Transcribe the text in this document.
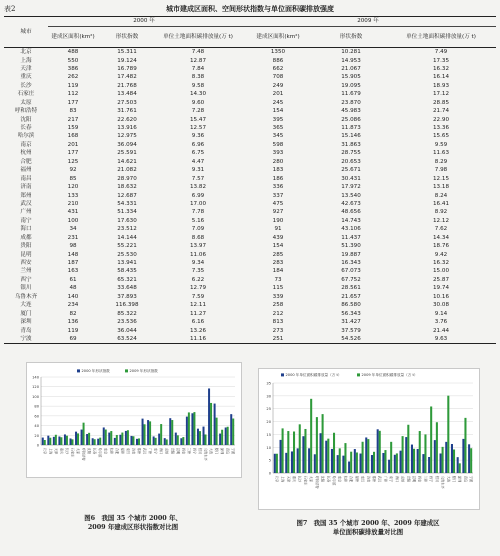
表2	城市建成区面积、空间形状指数与单位面积碳排放强度
城市	2000 年			2009 年		
	建成区面积(km²)	形状指数	单位土地面积碳排放量(万 t)	建成区面积(km²)	形状指数	单位土地面积碳排放量(万 t)
北京	488	15.311	7.48	1350	10.281	7.49
上海	550	19.124	12.87	886	14.953	17.35
天津	386	16.789	7.84	662	21.067	16.32
重庆	262	17.482	8.38	708	15.905	16.14
长沙	119	21.768	9.58	249	19.095	18.93
石家庄	112	13.484	14.30	201	11.679	17.12
太原	177	27.503	9.60	245	23.870	28.85
呼和浩特	83	31.761	7.28	154	45.983	21.74
沈阳	217	22.620	15.47	395	25.086	22.90
长春	159	13.916	12.57	365	11.873	13.36
哈尔滨	168	12.975	9.36	345	15.146	15.65
南京	201	36.094	6.96	598	31.863	9.59
杭州	177	25.591	6.75	393	28.755	11.63
合肥	125	14.621	4.47	280	20.653	8.29
福州	92	21.082	9.31	183	25.671	7.98
南昌	85	28.970	7.57	186	30.431	12.15
济南	120	18.632	13.82	336	17.972	13.18
郑州	133	12.687	6.99	337	13.540	8.24
武汉	210	54.331	17.00	475	42.673	16.41
广州	431	51.334	7.78	927	48.656	8.92
南宁	100	17.630	5.16	190	14.743	12.12
海口	34	23.512	7.09	91	43.106	7.62
成都	231	14.144	8.68	439	11.437	14.34
贵阳	98	55.221	13.97	154	51.390	18.76
昆明	148	25.530	11.06	285	19.887	9.42
西安	187	13.941	9.34	283	16.343	16.32
兰州	163	58.435	7.35	184	67.073	15.00
西宁	61	65.321	6.22	73	67.752	25.87
银川	48	33.648	12.79	115	28.561	19.74
乌鲁木齐	140	37.893	7.59	339	21.657	10.16
大连	234	116.398	12.11	258	86.580	30.08
厦门	82	85.322	11.27	212	56.343	9.14
深圳	136	23.536	6.16	813	31.427	3.76
青岛	119	36.044	13.26	273	37.579	21.44
宁波	69	63.524	11.16	251	54.526	9.63
0
20
40
60
80
100
120
140
2000 年形状指数	2009 年形状指数
北京 上海 天津 重庆 长沙 石家庄 太原 呼和浩特 沈阳 长春 哈尔滨 南京 杭州 合肥 福州 南昌 济南 郑州 武汉 广州 南宁 海口 成都 贵阳 昆明 西安 兰州 西宁 银川 乌鲁木齐 大连 厦门 深圳 青岛 宁波
0
5
10
15
20
25
30
35
2000 年单位面积碳排放量（万 t）	2009 年单位面积碳排放量（万 t）
北京 上海 天津 重庆 长沙 石家庄 太原 呼和浩特 沈阳 长春 哈尔滨 南京 杭州 合肥 福州 南昌 济南 郑州 武汉 广州 南宁 海口 成都 贵阳 昆明 西安 兰州 西宁 银川 乌鲁木齐 大连 厦门 深圳 青岛 宁波
图6　我国 35 个城市 2000 年、
2009 年建成区形状指数对比图	图7　我国 35 个城市 2000 年、2009 年建成区
单位面积碳排放量对比图
